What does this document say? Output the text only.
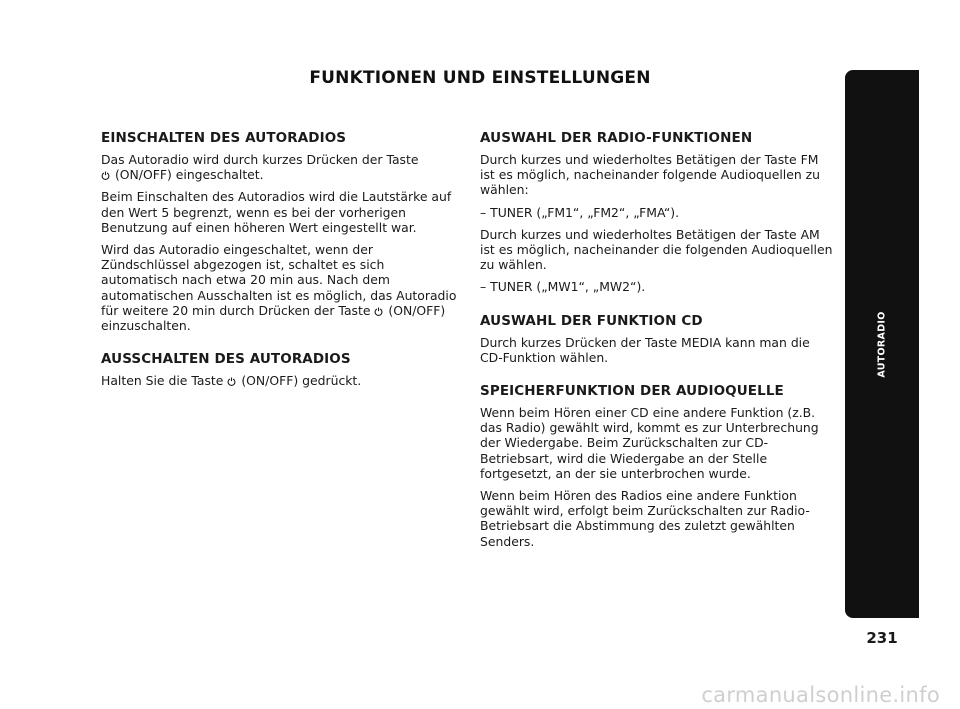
FUNKTIONEN UND EINSTELLUNGEN
EINSCHALTEN DES AUTORADIOS

Das Autoradio wird durch kurzes Drücken der Taste
(ON/OFF) eingeschaltet.

Beim Einschalten des Autoradios wird die Lautstärke auf den Wert 5 begrenzt, wenn es bei der vorherigen Benutzung auf einen höheren Wert eingestellt war.

Wird das Autoradio eingeschaltet, wenn der Zündschlüssel abgezogen ist, schaltet es sich automatisch nach etwa 20 min aus. Nach dem automatischen Ausschalten ist es möglich, das Autoradio für weitere 20 min durch Drücken der Taste (ON/OFF) einzuschalten.

AUSSCHALTEN DES AUTORADIOS

Halten Sie die Taste (ON/OFF) gedrückt.

AUSWAHL DER RADIO-FUNKTIONEN

Durch kurzes und wiederholtes Betätigen der Taste FM ist es möglich, nacheinander folgende Audioquellen zu wählen:

– TUNER („FM1“, „FM2“, „FMA“).

Durch kurzes und wiederholtes Betätigen der Taste AM ist es möglich, nacheinander die folgenden Audioquellen zu wählen.

– TUNER („MW1“, „MW2“).

AUSWAHL DER FUNKTION CD

Durch kurzes Drücken der Taste MEDIA kann man die CD-Funktion wählen.

SPEICHERFUNKTION DER AUDIOQUELLE

Wenn beim Hören einer CD eine andere Funktion (z.B. das Radio) gewählt wird, kommt es zur Unterbrechung der Wiedergabe. Beim Zurückschalten zur CD-Betriebsart, wird die Wiedergabe an der Stelle fortgesetzt, an der sie unterbrochen wurde.

Wenn beim Hören des Radios eine andere Funktion gewählt wird, erfolgt beim Zurückschalten zur Radio-Betriebsart die Abstimmung des zuletzt gewählten Senders.

AUTORADIO
231
carmanualsonline.info
